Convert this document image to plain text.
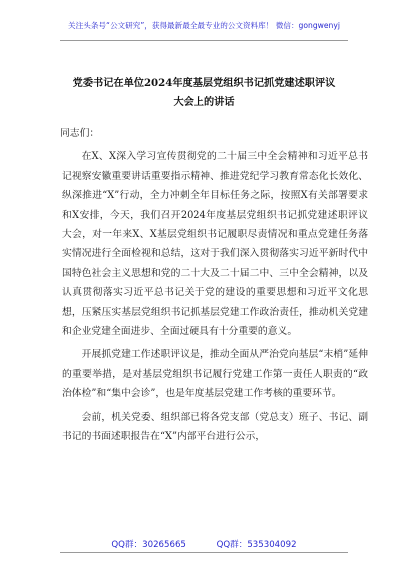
关注头条号“公文研究”，获得最新最全最专业的公文资料库！ 微信：gongwenyj
党委书记在单位2024年度基层党组织书记抓党建述职评议
大会上的讲话

同志们：

在X、X深入学习宣传贯彻党的二十届三中全会精神和习近平总书记视察安徽重要讲话重要指示精神、推进党纪学习教育常态化长效化、纵深推进“X”行动，全力冲刺全年目标任务之际，按照X有关部署要求和X安排，今天，我们召开2024年度基层党组织书记抓党建述职评议大会，对一年来X、X基层党组织书记履职尽责情况和重点党建任务落实情况进行全面检视和总结，这对于我们深入贯彻落实习近平新时代中国特色社会主义思想和党的二十大及二十届二中、三中全会精神，以及认真贯彻落实习近平总书记关于党的建设的重要思想和习近平文化思想，压紧压实基层党组织书记抓基层党建工作政治责任，推动机关党建和企业党建全面进步、全面过硬具有十分重要的意义。

开展抓党建工作述职评议是，推动全面从严治党向基层“末梢”延伸的重要举措，是对基层党组织书记履行党建工作第一责任人职责的“政治体检”和“集中会诊”，也是年度基层党建工作考核的重要环节。

会前，机关党委、组织部已将各党支部（党总支）班子、书记、副书记的书面述职报告在“X”内部平台进行公示，

QQ群：30265665	QQ群：535304092
